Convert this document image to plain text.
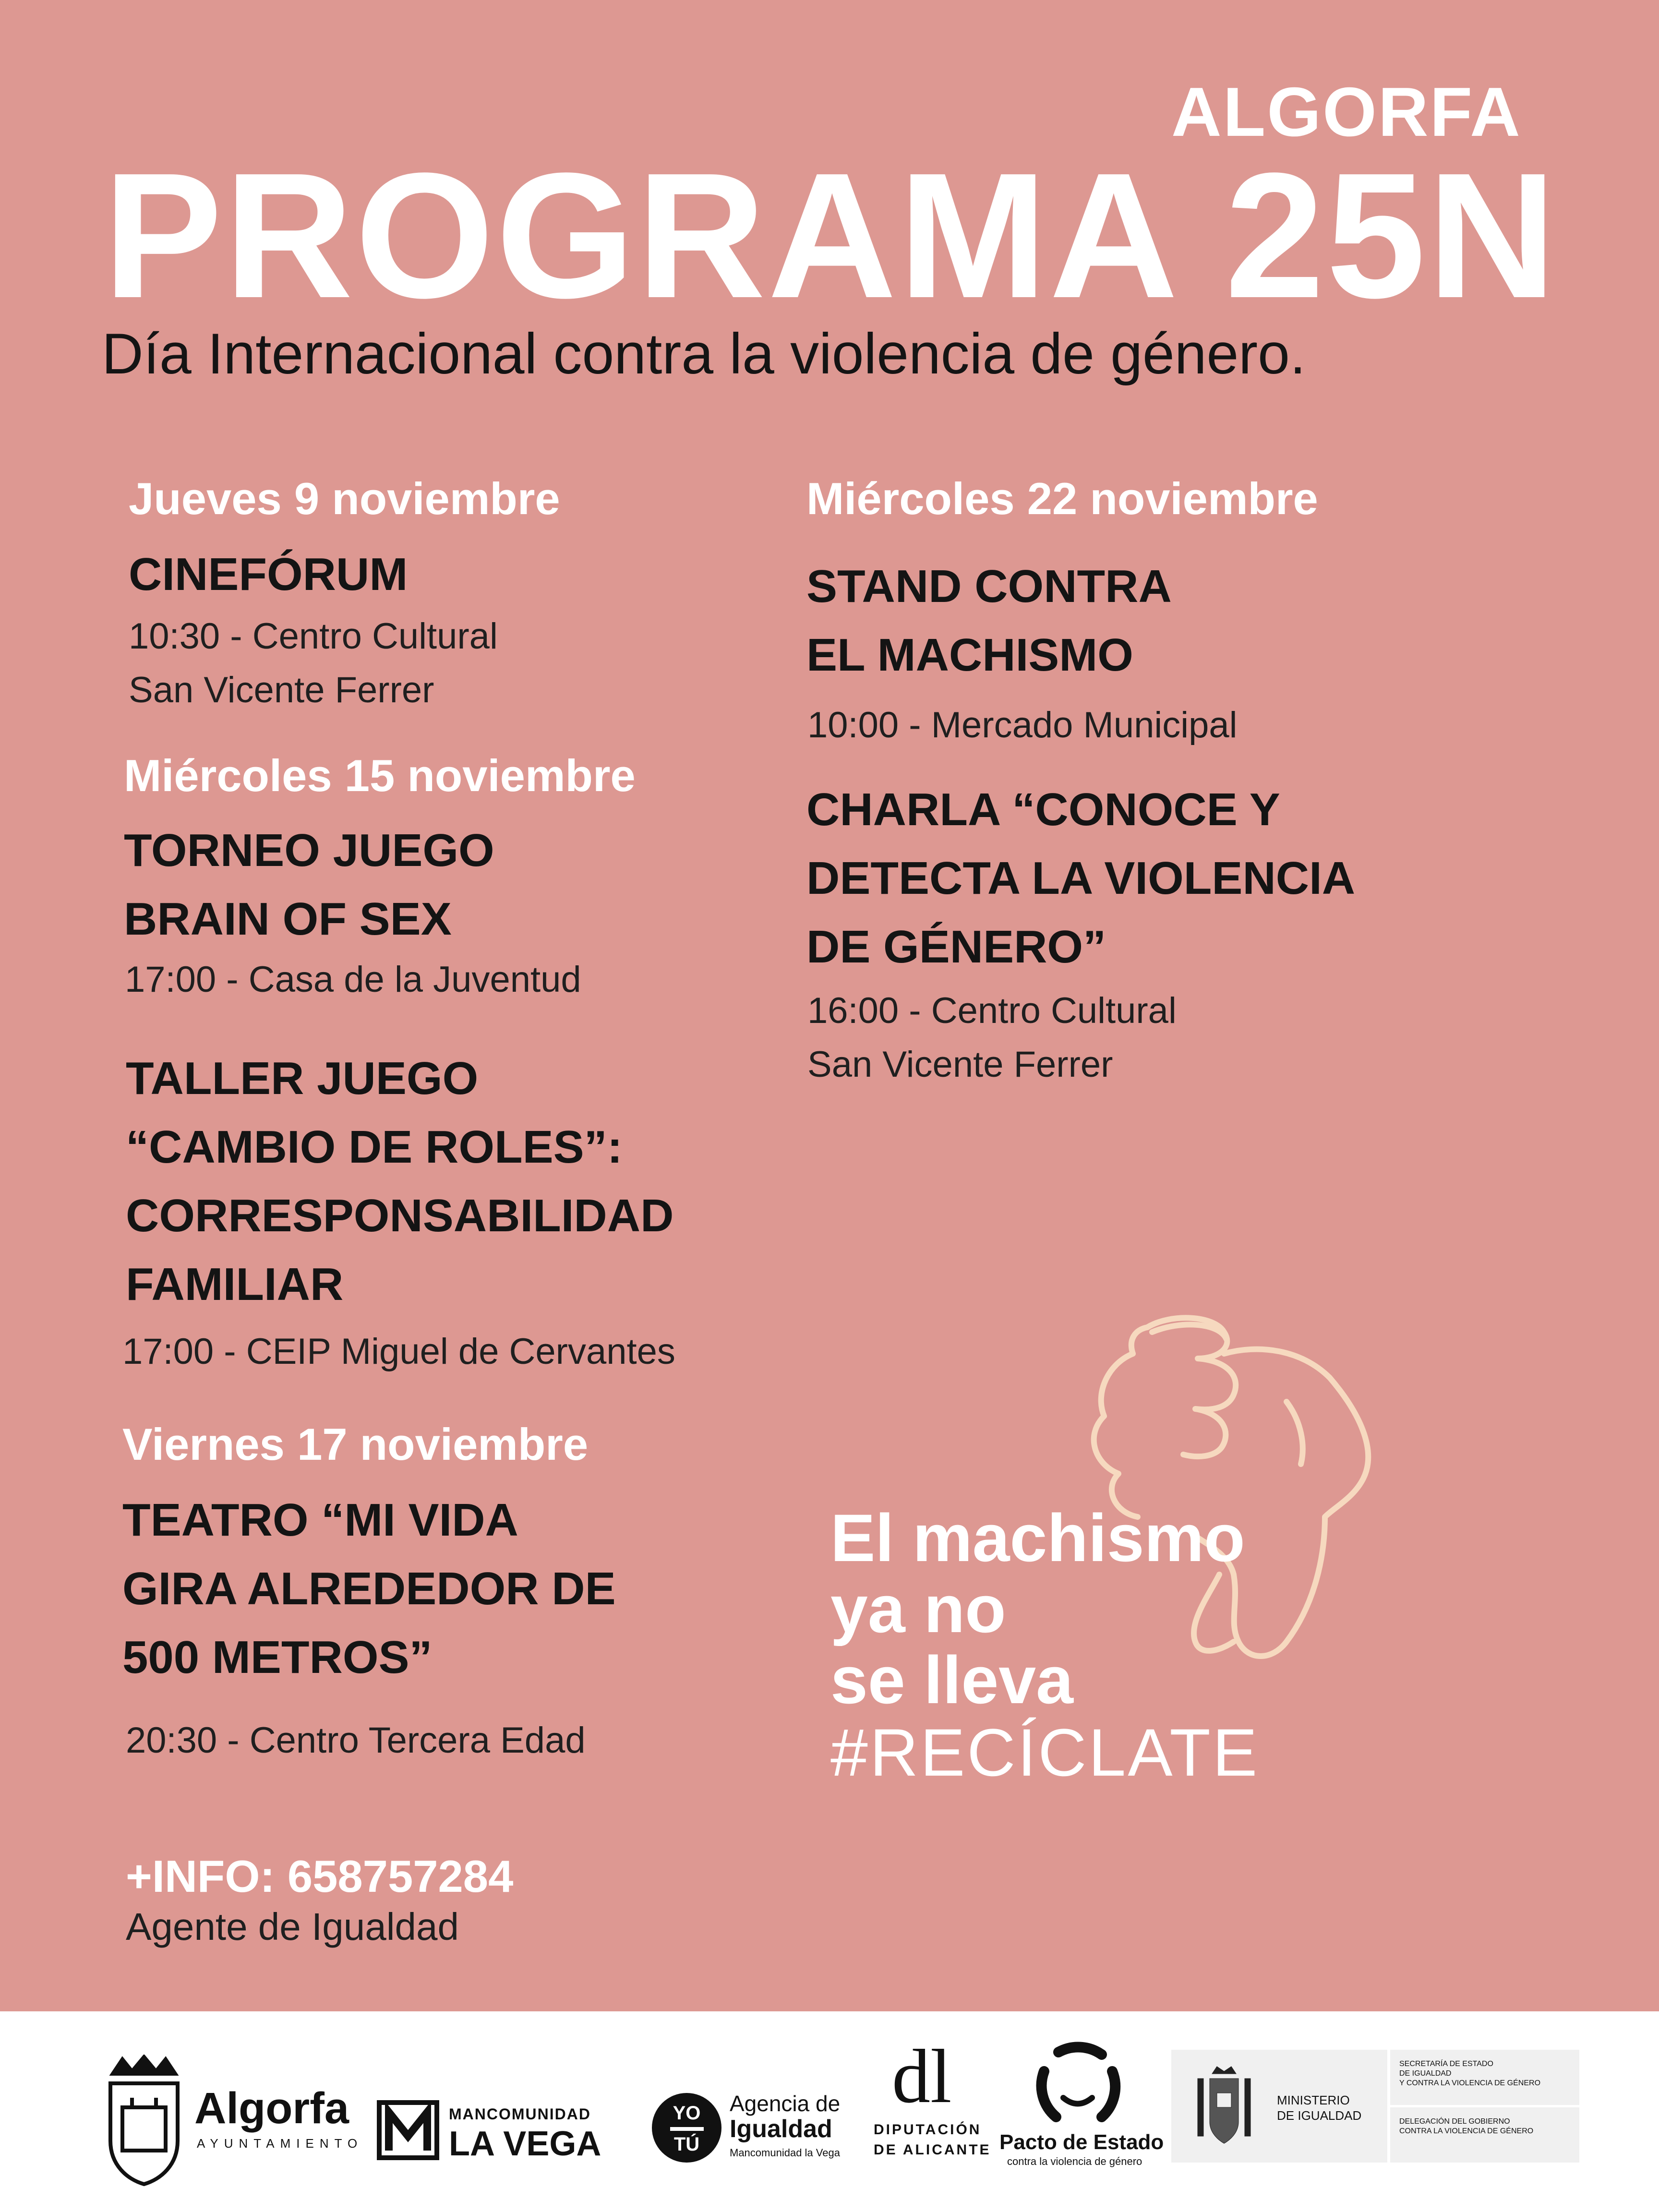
ALGORFA
PROGRAMA 25N
Día Internacional contra la violencia de género.
Jueves 9 noviembre
CINEFÓRUM
10:30 - Centro Cultural
San Vicente Ferrer
Miércoles 15 noviembre
TORNEO JUEGO
BRAIN OF SEX
17:00 - Casa de la Juventud
TALLER JUEGO
“CAMBIO DE ROLES”:
CORRESPONSABILIDAD
FAMILIAR
17:00 - CEIP Miguel de Cervantes
Viernes 17 noviembre
TEATRO “MI VIDA
GIRA ALREDEDOR DE
500 METROS”
20:30 - Centro Tercera Edad
Miércoles 22 noviembre
STAND CONTRA
EL MACHISMO
10:00 - Mercado Municipal
CHARLA “CONOCE Y
DETECTA LA VIOLENCIA
DE GÉNERO”
16:00 - Centro Cultural
San Vicente Ferrer
El machismo
ya no
se lleva
#RECÍCLATE
+INFO: 658757284
Agente de Igualdad
Algorfa
AYUNTAMIENTO
MANCOMUNIDAD
LA VEGA
YO
TÚ
Agencia de
Igualdad
Mancomunidad la Vega
dl
DIPUTACIÓN
DE ALICANTE Pacto de Estado
contra la violencia de género
MINISTERIO
DE IGUALDAD
SECRETARÍA DE ESTADO
DE IGUALDAD
Y CONTRA LA VIOLENCIA DE GÉNERO
DELEGACIÓN DEL GOBIERNO
CONTRA LA VIOLENCIA DE GÉNERO
